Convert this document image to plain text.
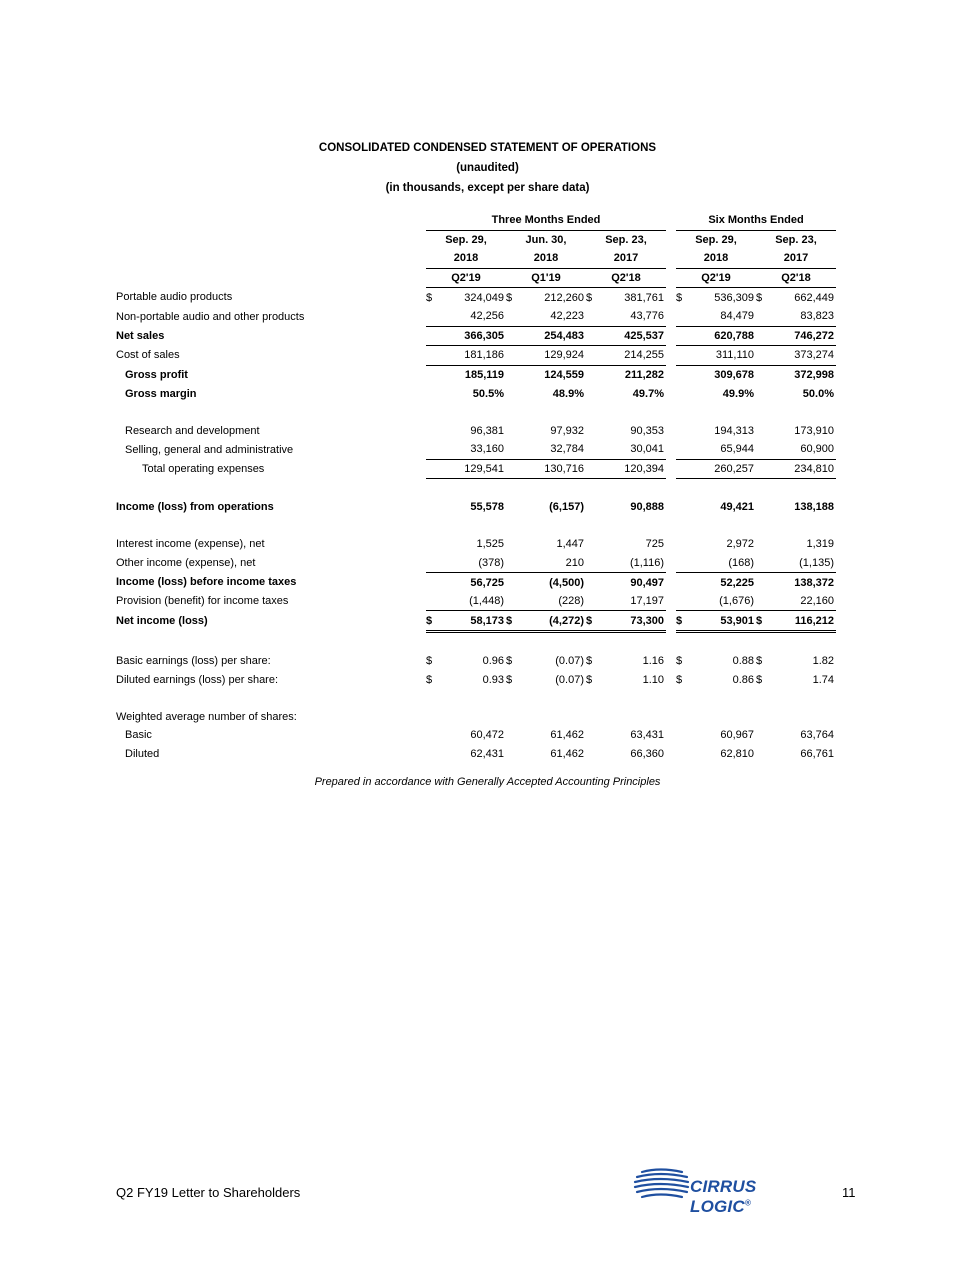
CONSOLIDATED CONDENSED STATEMENT OF OPERATIONS
(unaudited)
(in thousands, except per share data)
	Three Months Ended							Six Months Ended			
	Sep. 29,		Jun. 30,		Sep. 23,			Sep. 29,		Sep. 23,	
	2018		2018		2017			2018		2017	
	Q2'19		Q1'19		Q2'18			Q2'19		Q2'18	
Portable audio products	$	324,049	$	212,260	$	381,761		$	536,309	$	662,449
Non-portable audio and other products		42,256		42,223		43,776			84,479		83,823
Net sales		366,305		254,483		425,537			620,788		746,272
Cost of sales		181,186		129,924		214,255			311,110		373,274
Gross profit		185,119		124,559		211,282			309,678		372,998
Gross margin		50.5%		48.9%		49.7%			49.9%		50.0%

Research and development		96,381		97,932		90,353			194,313		173,910
Selling, general and administrative		33,160		32,784		30,041			65,944		60,900
Total operating expenses		129,541		130,716		120,394			260,257		234,810

Income (loss) from operations		55,578		(6,157)		90,888			49,421		138,188

Interest income (expense), net		1,525		1,447		725			2,972		1,319
Other income (expense), net		(378)		210		(1,116)			(168)		(1,135)
Income (loss) before income taxes		56,725		(4,500)		90,497			52,225		138,372
Provision (benefit) for income taxes		(1,448)		(228)		17,197			(1,676)		22,160
Net income (loss)	$	58,173	$	(4,272)	$	73,300		$	53,901	$	116,212

Basic earnings (loss) per share:	$	0.96	$	(0.07)	$	1.16		$	0.88	$	1.82
Diluted earnings (loss) per share:	$	0.93	$	(0.07)	$	1.10		$	0.86	$	1.74

Weighted average number of shares:											
Basic		60,472		61,462		63,431			60,967		63,764
Diluted		62,431		61,462		66,360			62,810		66,761
Prepared in accordance with Generally Accepted Accounting Principles
Q2 FY19 Letter to Shareholders	CIRRUS LOGIC®
11
